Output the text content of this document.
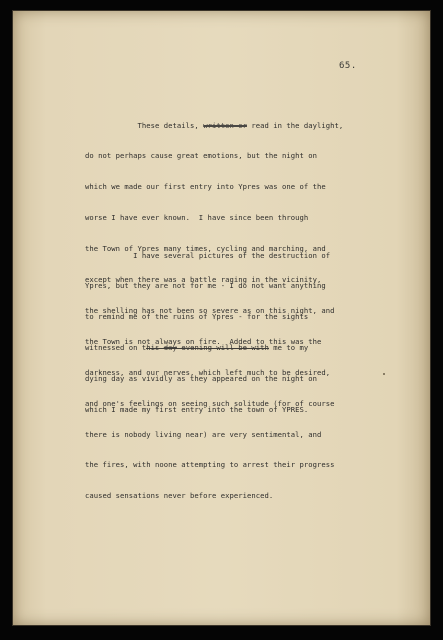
65.

These details, written or read in the daylight,

do not perhaps cause great emotions, but the night on

which we made our first entry into Ypres was one of the

worse I have ever known.  I have since been through

the Town of Ypres many times, cycling and marching, and

except when there was a battle raging in the vicinity,

the shelling has not been so severe as on this night, and

the Town is not always on fire.  Added to this was the

darkness, and our nerves, which left much to be desired,

and one's feelings on seeing such solitude (for of course

there is nobody living near) are very sentimental, and

the fires, with noone attempting to arrest their progress

caused sensations never before experienced.

I have several pictures of the destruction of

Ypres, but they are not for me - I do not want anything

to remind me of the ruins of Ypres - for the sights

witnessed on this day evening will be with me to my

dying day as vividly as they appeared on the night on

which I made my first entry into the town of YPRES.
